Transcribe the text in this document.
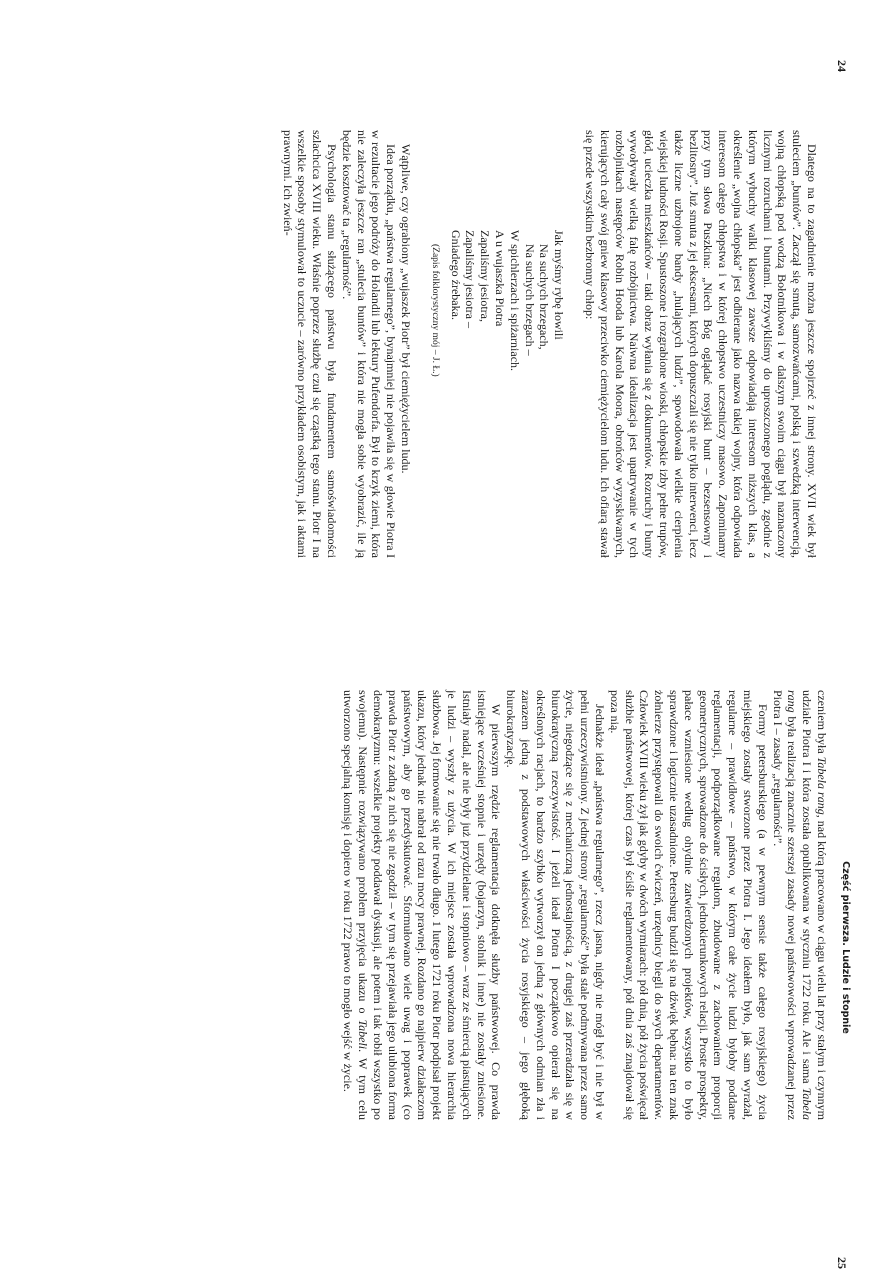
24

Dlatego na to zagadnienie można jeszcze spojrzeć z innej strony. XVII wiek był stuleciem „buntów”. Zaczął się smutą, samozwańcami, polską i szwedzką interwencją, wojną chłopską pod wodzą Bołotnikowa i w dalszym swoim ciągu był naznaczony licznymi rozruchami i buntami. Przywykliśmy do uproszczonego poglądu, zgodnie z którym wybuchy walki klasowej zawsze odpowiadają interesom niższych klas, a określenie „wojna chłopska” jest odbierane jako nazwa takiej wojny, która odpowiada interesom całego chłopstwa i w której chłopstwo uczestniczy masowo. Zapominamy przy tym słowa Puszkina: „Niech Bóg oglądać rosyjski bunt – bezsensowny i bezlitosny”. Już smuta z jej ekscesami, których dopuszczali się nie tylko interwenci, lecz także liczne uzbrojone bandy „hulających ludzi”, spowodowała wielkie cierpienia wiejskiej ludności Rosji. Spustoszone i rozgrabione wioski, chłopskie izby pełne trupów, głód, ucieczka mieszkańców – taki obraz wyłania się z dokumentów. Rozruchy i bunty wywoływały wielką falę rozbójnictwa. Naiwna idealizacja jest upatrywanie w tych rozbójnikach następców Robin Hooda lub Karola Moora, obrońców wyzyskiwanych, kierujących cały swój gniew klasowy przeciwko ciemiężycielom ludu. Ich ofiarą stawał się przede wszystkim bezbronny chłop:

Jak myśmy rybę łowili
Na suchych brzegach,
Na suchych brzegach –
W spichlerzach i spiżarniach.
A u wujaszka Piotra
Zapaliśmy jesiotra,
Zapaliśmy jesiotra –
Gniadego źrebaka.
(Zapis folklorystyczny mój – J. Ł.)

Wątpliwe, czy ograbiony „wujaszek Piotr” był ciemiężycielem ludu.

Idea porządku, „państwa regularnego”, bynajmniej nie pojawiła się w głowie Piotra I w rezultacie jego podróży do Holandii lub lektury Pufendorfa. Był to krzyk ziemi, która nie zaleczyła jeszcze ran „stulecia buntów” i która nie mogła sobie wyobrazić, ile ją będzie kosztować ta „regularność”.

Psychologia stanu służącego państwu była fundamentem samoświadomości szlachcica XVIII wieku. Właśnie poprzez służbę czuł się cząstką tego stanu. Piotr I na wszelkie sposoby stymulował to uczucie – zarówno przykładem osobistym, jak i aktami prawnymi. Ich zwień-

Część pierwsza. Ludzie i stopnie
25

czeniem była Tabela rang, nad którą pracowano w ciągu wielu lat przy stałym i czynnym udziale Piotra I i która została opublikowana w styczniu 1722 roku. Ale i sama Tabela rang była realizacją znacznie szerszej zasady nowej państwowości wprowadzanej przez Piotra I – zasady „regularności”.

Formy petersburskiego (a w pewnym sensie także całego rosyjskiego) życia miejskiego zostały stworzone przez Piotra I. Jego ideałem było, jak sam wyrażał, regularne – prawidłowe – państwo, w którym całe życie ludzi byłoby poddane reglamentacji, podporządkowane regułom, zbudowane z zachowaniem proporcji geometrycznych, sprowadzone do ścisłych, jednokierunkowych relacji. Proste prospekty, pałace wzniesione według ohydnie zatwierdzonych projektów, wszystko to było sprawdzone i logicznie uzasadnione. Petersburg budził się na dźwięk bębna: na ten znak żołnierze przystępowali do swoich ćwiczeń, urzędnicy biegli do swych departamentów. Człowiek XVIII wieku żył jak gdyby w dwóch wymiarach: pół dnia, pół życia poświęcał służbie państwowej, której czas był ściśle reglamentowany, pół dnia zaś znajdował się poza nią.

Jednakże ideał „państwa regularnego”, rzecz jasna, nigdy nie mógł być i nie był w pełni urzeczywistniony. Z jednej strony „regularność” była stale podmywana przez samo życie, niegodzące się z mechaniczną jednostajnością, z drugiej zaś przeradzała się w biurokratyczną rzeczywistość. I jeżeli ideał Piotra I początkowo opierał się na określonych racjach, to bardzo szybko wytworzył on jedną z głównych odmian zła i zarazem jedną z podstawowych właściwości życia rosyjskiego – jego głęboką biurokratyzację.

W pierwszym rzędzie reglamentacja dotknęła służby państwowej. Co prawda istniejące wcześniej stopnie i urzędy (bojarzyn, stolnik i inne) nie zostały zniesione. Istniały nadal, ale nie były już przydzielane i stopniowo – wraz ze śmiercią piastujących je ludzi – wyszły z użycia. W ich miejsce została wprowadzona nowa hierarchia służbowa. Jej formowanie się nie trwało długo. 1 lutego 1721 roku Piotr podpisał projekt ukazu, który jednak nie nabrał od razu mocy prawnej. Rozdano go najpierw działaczom państwowym, aby go przedyskutować. Sformułowano wiele uwag i poprawek (co prawda Piotr z zadną z nich się nie zgodził – w tym się przejawiała jego ulubiona forma demokratyzmu: wszelkie projekty poddawał dyskusji, ale potem i tak robił wszystko po swojemu). Następnie rozwiązywano problem przyjęcia ukazu o Tabeli. W tym celu utworzono specjalną komisję i dopiero w roku 1722 prawo to mogło wejść w życie.
